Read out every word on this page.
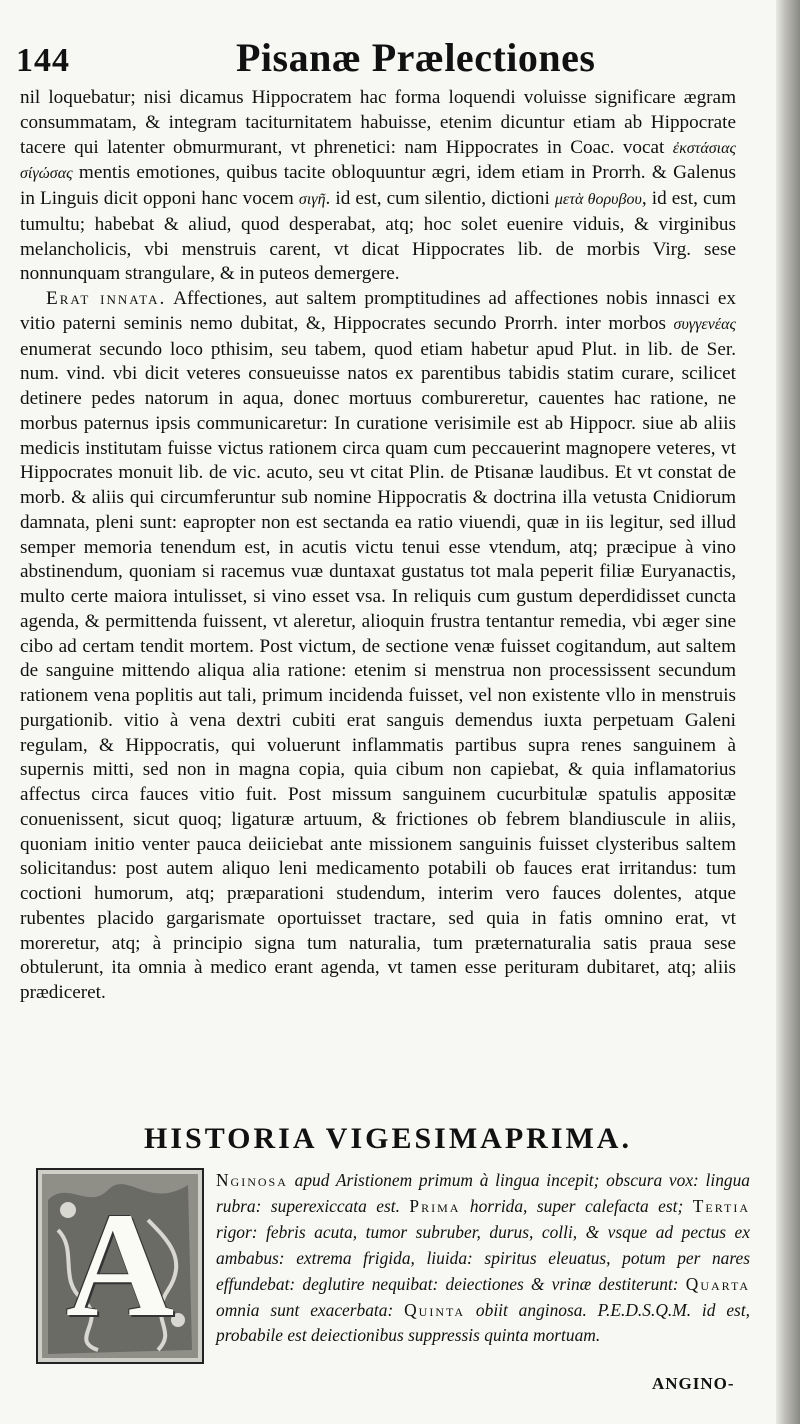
144	Pisanæ Prælectiones

nil loquebatur; nisi dicamus Hippocratem hac forma loquendi voluisse significare ægram consummatam, & integram taciturnitatem habuisse, etenim dicuntur etiam ab Hippocrate tacere qui latenter obmurmurant, vt phrenetici: nam Hippocrates in Coac. vocat ἐκστάσιας σίγώσας mentis emotiones, quibus tacite obloquuntur ægri, idem etiam in Prorrh. & Galenus in Linguis dicit opponi hanc vocem σιγῆ. id est, cum silentio, dictioni μετὰ θορυβου, id est, cum tumultu; habebat & aliud, quod desperabat, atq; hoc solet euenire viduis, & virginibus melancholicis, vbi menstruis carent, vt dicat Hippocrates lib. de morbis Virg. sese nonnunquam strangulare, & in puteos demergere.

Erat innata. Affectiones, aut saltem promptitudines ad affectiones nobis innasci ex vitio paterni seminis nemo dubitat, &, Hippocrates secundo Prorrh. inter morbos συγγενέας enumerat secundo loco pthisim, seu tabem, quod etiam habetur apud Plut. in lib. de Ser. num. vind. vbi dicit veteres consueuisse natos ex parentibus tabidis statim curare, scilicet detinere pedes natorum in aqua, donec mortuus combureretur, cauentes hac ratione, ne morbus paternus ipsis communicaretur: In curatione verisimile est ab Hippocr. siue ab aliis medicis institutam fuisse victus rationem circa quam cum peccauerint magnopere veteres, vt Hippocrates monuit lib. de vic. acuto, seu vt citat Plin. de Ptisanæ laudibus. Et vt constat de morb. & aliis qui circumferuntur sub nomine Hippocratis & doctrina illa vetusta Cnidiorum damnata, pleni sunt: eapropter non est sectanda ea ratio viuendi, quæ in iis legitur, sed illud semper memoria tenendum est, in acutis victu tenui esse vtendum, atq; præcipue à vino abstinendum, quoniam si racemus vuæ duntaxat gustatus tot mala peperit filiæ Euryanactis, multo certe maiora intulisset, si vino esset vsa. In reliquis cum gustum deperdidisset cuncta agenda, & permittenda fuissent, vt aleretur, alioquin frustra tentantur remedia, vbi æger sine cibo ad certam tendit mortem. Post victum, de sectione venæ fuisset cogitandum, aut saltem de sanguine mittendo aliqua alia ratione: etenim si menstrua non processissent secundum rationem vena poplitis aut tali, primum incidenda fuisset, vel non existente vllo in menstruis purgationib. vitio à vena dextri cubiti erat sanguis demendus iuxta perpetuam Galeni regulam, & Hippocratis, qui voluerunt inflammatis partibus supra renes sanguinem à supernis mitti, sed non in magna copia, quia cibum non capiebat, & quia inflamatorius affectus circa fauces vitio fuit. Post missum sanguinem cucurbitulæ spatulis appositæ conuenissent, sicut quoq; ligaturæ artuum, & frictiones ob febrem blandiuscule in aliis, quoniam initio venter pauca deiiciebat ante missionem sanguinis fuisset clysteribus saltem solicitandus: post autem aliquo leni medicamento potabili ob fauces erat irritandus: tum coctioni humorum, atq; præparationi studendum, interim vero fauces dolentes, atque rubentes placido gargarismate oportuisset tractare, sed quia in fatis omnino erat, vt moreretur, atq; à principio signa tum naturalia, tum præternaturalia satis praua sese obtulerunt, ita omnia à medico erant agenda, vt tamen esse perituram dubitaret, atq; aliis prædiceret.

HISTORIA VIGESIMAPRIMA.
A

Nginosa apud Aristionem primum à lingua incepit; obscura vox: lingua rubra: superexiccata est. Prima horrida, super calefacta est; Tertia rigor: febris acuta, tumor subruber, durus, colli, & vsque ad pectus ex ambabus: extrema frigida, liuida: spiritus eleuatus, potum per nares effundebat: deglutire nequibat: deiectiones & vrinæ destiterunt: Quarta omnia sunt exacerbata: Quinta obiit anginosa. P.E.D.S.Q.M. id est, probabile est deiectionibus suppressis quinta mortuam.

ANGINO-
